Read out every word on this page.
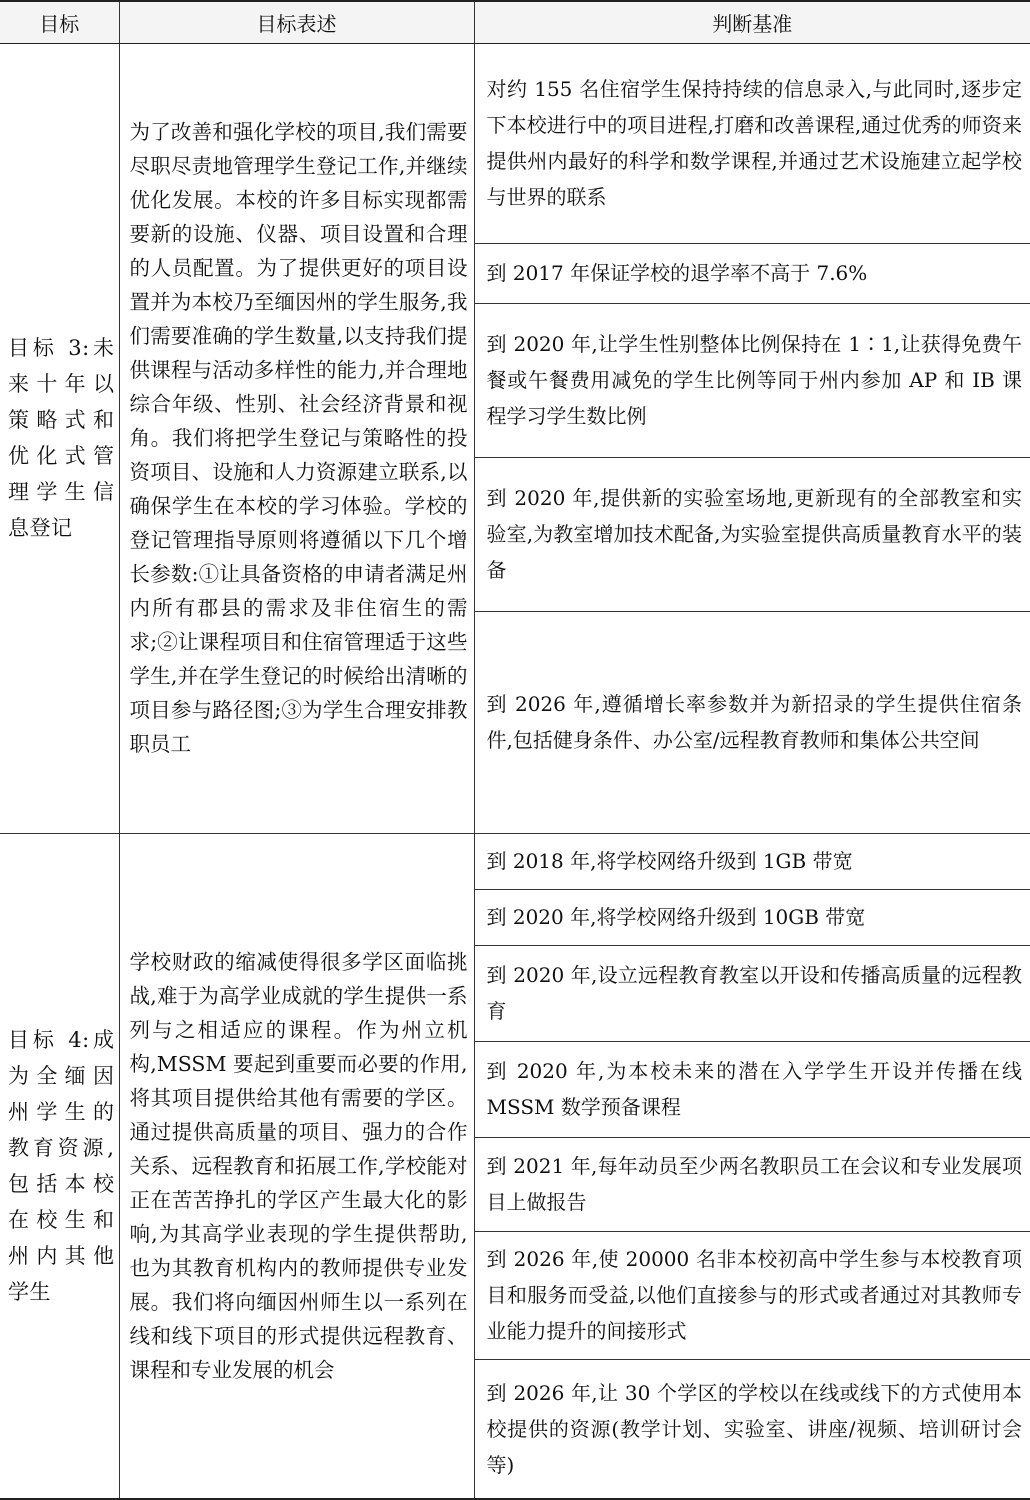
目标	目标表述	判断基准
目标 3:未来十年以策略式和优化式管理学生信息登记	为了改善和强化学校的项目,我们需要尽职尽责地管理学生登记工作,并继续优化发展。本校的许多目标实现都需要新的设施、仪器、项目设置和合理的人员配置。为了提供更好的项目设置并为本校乃至缅因州的学生服务,我们需要准确的学生数量,以支持我们提供课程与活动多样性的能力,并合理地综合年级、性别、社会经济背景和视角。我们将把学生登记与策略性的投资项目、设施和人力资源建立联系,以确保学生在本校的学习体验。学校的登记管理指导原则将遵循以下几个增长参数:①让具备资格的申请者满足州内所有郡县的需求及非住宿生的需求;②让课程项目和住宿管理适于这些学生,并在学生登记的时候给出清晰的项目参与路径图;③为学生合理安排教职员工	对约 155 名住宿学生保持持续的信息录入,与此同时,逐步定下本校进行中的项目进程,打磨和改善课程,通过优秀的师资来提供州内最好的科学和数学课程,并通过艺术设施建立起学校与世界的联系
		到 2017 年保证学校的退学率不高于 7.6%
		到 2020 年,让学生性别整体比例保持在 1∶1,让获得免费午餐或午餐费用减免的学生比例等同于州内参加 AP 和 IB 课程学习学生数比例
		到 2020 年,提供新的实验室场地,更新现有的全部教室和实验室,为教室增加技术配备,为实验室提供高质量教育水平的装备
		到 2026 年,遵循增长率参数并为新招录的学生提供住宿条件,包括健身条件、办公室/远程教育教师和集体公共空间
目标 4:成为全缅因州学生的教育资源,包括本校在校生和州内其他学生	学校财政的缩减使得很多学区面临挑战,难于为高学业成就的学生提供一系列与之相适应的课程。作为州立机构,MSSM 要起到重要而必要的作用,将其项目提供给其他有需要的学区。通过提供高质量的项目、强力的合作关系、远程教育和拓展工作,学校能对正在苦苦挣扎的学区产生最大化的影响,为其高学业表现的学生提供帮助,也为其教育机构内的教师提供专业发展。我们将向缅因州师生以一系列在线和线下项目的形式提供远程教育、课程和专业发展的机会	到 2018 年,将学校网络升级到 1GB 带宽
		到 2020 年,将学校网络升级到 10GB 带宽
		到 2020 年,设立远程教育教室以开设和传播高质量的远程教育
		到 2020 年,为本校未来的潜在入学学生开设并传播在线 MSSM 数学预备课程
		到 2021 年,每年动员至少两名教职员工在会议和专业发展项目上做报告
		到 2026 年,使 20000 名非本校初高中学生参与本校教育项目和服务而受益,以他们直接参与的形式或者通过对其教师专业能力提升的间接形式
		到 2026 年,让 30 个学区的学校以在线或线下的方式使用本校提供的资源(教学计划、实验室、讲座/视频、培训研讨会等)
